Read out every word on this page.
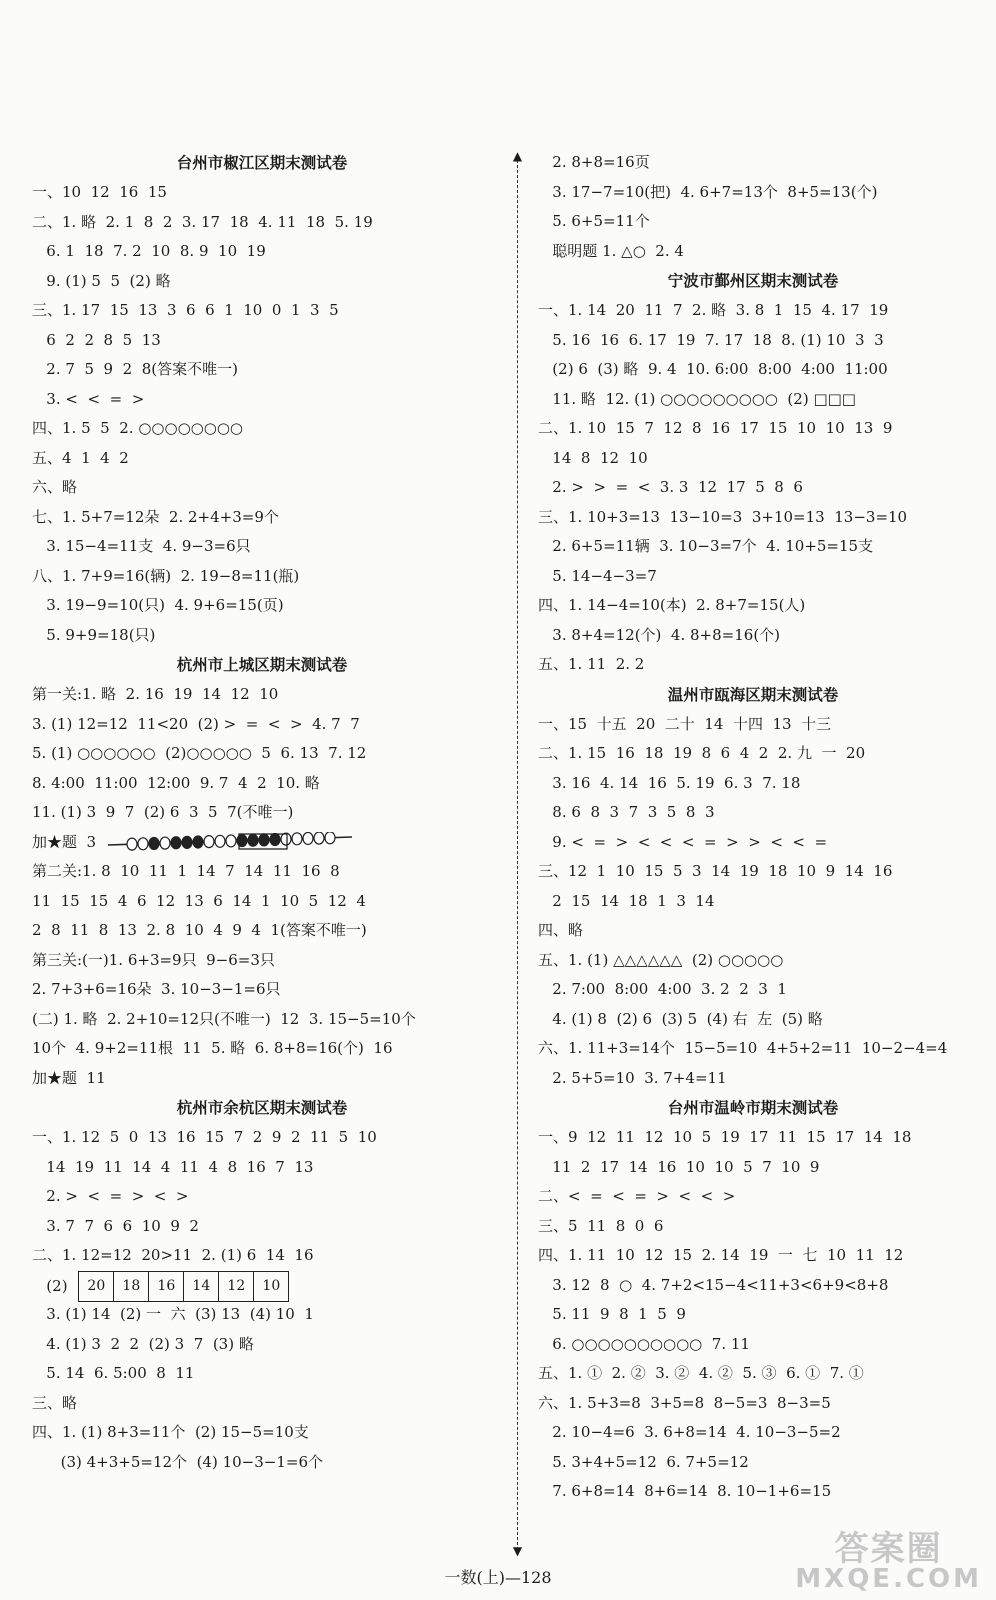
台州市椒江区期末测试卷
一、10  12  16  15
二、1. 略  2. 1  8  2  3. 17  18  4. 11  18  5. 19
6. 1  18  7. 2  10  8. 9  10  19
9. (1) 5  5  (2) 略
三、1. 17  15  13  3  6  6  1  10  0  1  3  5
6  2  2  8  5  13
2. 7  5  9  2  8(答案不唯一)
3. <  <  =  >
四、1. 5  5  2. ○○○○○○○○
五、4  1  4  2
六、略
七、1. 5+7=12朵  2. 2+4+3=9个
3. 15−4=11支  4. 9−3=6只
八、1. 7+9=16(辆)  2. 19−8=11(瓶)
3. 19−9=10(只)  4. 9+6=15(页)
5. 9+9=18(只)
杭州市上城区期末测试卷
第一关:1. 略  2. 16  19  14  12  10
3. (1) 12=12  11<20  (2) >  =  <  >  4. 7  7
5. (1) ○○○○○○  (2)○○○○○  5  6. 13  7. 12
8. 4:00  11:00  12:00  9. 7  4  2  10. 略
11. (1) 3  9  7  (2) 6  3  5  7(不唯一)
加★题  3
第二关:1. 8  10  11  1  14  7  14  11  16  8
11  15  15  4  6  12  13  6  14  1  10  5  12  4
2  8  11  8  13  2. 8  10  4  9  4  1(答案不唯一)
第三关:(一)1. 6+3=9只  9−6=3只
2. 7+3+6=16朵  3. 10−3−1=6只
(二) 1. 略  2. 2+10=12只(不唯一)  12  3. 15−5=10个
10个  4. 9+2=11根  11  5. 略  6. 8+8=16(个)  16
加★题  11
杭州市余杭区期末测试卷
一、1. 12  5  0  13  16  15  7  2  9  2  11  5  10
14  19  11  14  4  11  4  8  16  7  13
2. >  <  =  >  <  >
3. 7  7  6  6  10  9  2
二、1. 12=12  20>11  2. (1) 6  14  16
(2) 20	18	16	14	12	10
3. (1) 14  (2) 一  六  (3) 13  (4) 10  1
4. (1) 3  2  2  (2) 3  7  (3) 略
5. 14  6. 5:00  8  11
三、略
四、1. (1) 8+3=11个  (2) 15−5=10支
(3) 4+3+5=12个  (4) 10−3−1=6个
▲
▼
2. 8+8=16页
3. 17−7=10(把)  4. 6+7=13个  8+5=13(个)
5. 6+5=11个
聪明题 1. △○  2. 4
宁波市鄞州区期末测试卷
一、1. 14  20  11  7  2. 略  3. 8  1  15  4. 17  19
5. 16  16  6. 17  19  7. 17  18  8. (1) 10  3  3
(2) 6  (3) 略  9. 4  10. 6:00  8:00  4:00  11:00
11. 略  12. (1) ○○○○○○○○○  (2) □□□
二、1. 10  15  7  12  8  16  17  15  10  10  13  9
14  8  12  10
2. >  >  =  <  3. 3  12  17  5  8  6
三、1. 10+3=13  13−10=3  3+10=13  13−3=10
2. 6+5=11辆  3. 10−3=7个  4. 10+5=15支
5. 14−4−3=7
四、1. 14−4=10(本)  2. 8+7=15(人)
3. 8+4=12(个)  4. 8+8=16(个)
五、1. 11  2. 2
温州市瓯海区期末测试卷
一、15  十五  20  二十  14  十四  13  十三
二、1. 15  16  18  19  8  6  4  2  2. 九  一  20
3. 16  4. 14  16  5. 19  6. 3  7. 18
8. 6  8  3  7  3  5  8  3
9. <  =  >  <  <  <  =  >  >  <  <  =
三、12  1  10  15  5  3  14  19  18  10  9  14  16
2  15  14  18  1  3  14
四、略
五、1. (1) △△△△△△  (2) ○○○○○
2. 7:00  8:00  4:00  3. 2  2  3  1
4. (1) 8  (2) 6  (3) 5  (4) 右  左  (5) 略
六、1. 11+3=14个  15−5=10  4+5+2=11  10−2−4=4
2. 5+5=10  3. 7+4=11
台州市温岭市期末测试卷
一、9  12  11  12  10  5  19  17  11  15  17  14  18
11  2  17  14  16  10  10  5  7  10  9
二、<  =  <  =  >  <  <  >
三、5  11  8  0  6
四、1. 11  10  12  15  2. 14  19  一  七  10  11  12
3. 12  8  ○  4. 7+2<15−4<11+3<6+9<8+8
5. 11  9  8  1  5  9
6. ○○○○○○○○○○  7. 11
五、1. ①  2. ②  3. ②  4. ②  5. ③  6. ①  7. ①
六、1. 5+3=8  3+5=8  8−5=3  8−3=5
2. 10−4=6  3. 6+8=14  4. 10−3−5=2
5. 3+4+5=12  6. 7+5=12
7. 6+8=14  8+6=14  8. 10−1+6=15
一数(上)—128
答案圈
MXQE.COM
